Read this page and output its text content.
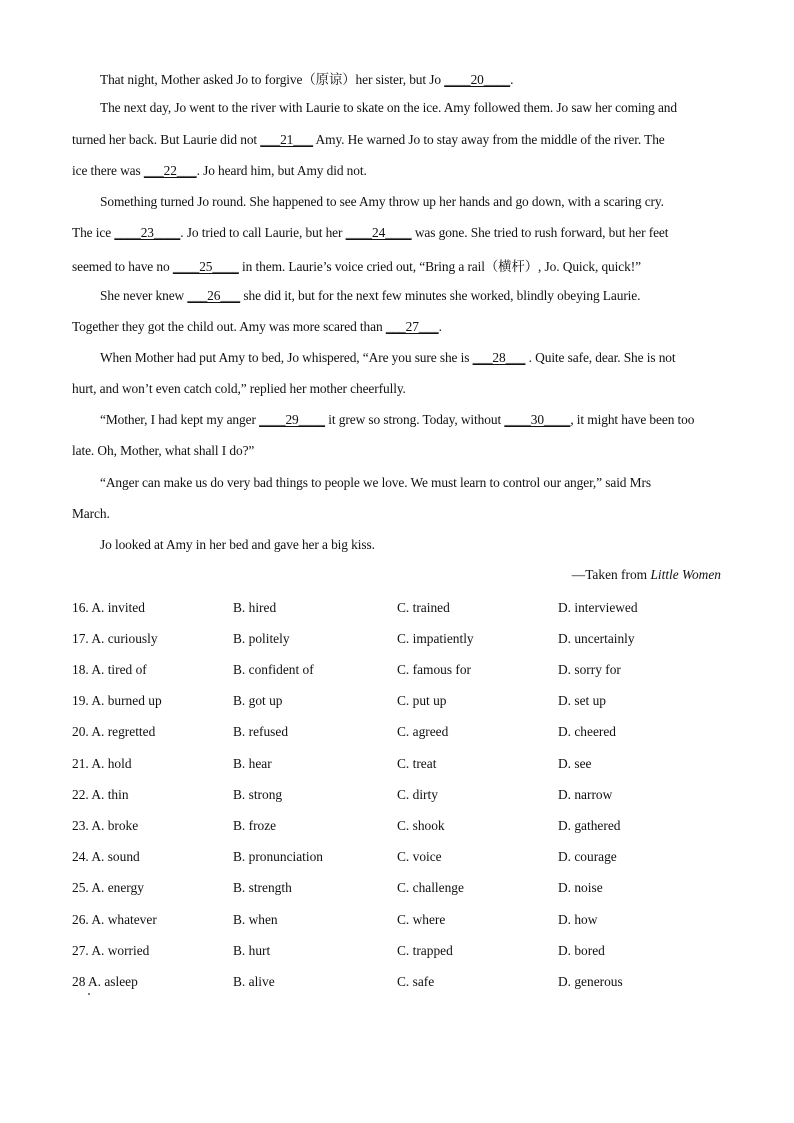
That night, Mother asked Jo to forgive（原谅）her sister, but Jo ____20____.
The next day, Jo went to the river with Laurie to skate on the ice. Amy followed them. Jo saw her coming and
turned her back. But Laurie did not ___21___ Amy. He warned Jo to stay away from the middle of the river. The
ice there was ___22___. Jo heard him, but Amy did not.
Something turned Jo round. She happened to see Amy throw up her hands and go down, with a scaring cry.
The ice ____23____. Jo tried to call Laurie, but her ____24____ was gone. She tried to rush forward, but her feet
seemed to have no ____25____ in them. Laurie’s voice cried out, “Bring a rail（横杆）, Jo. Quick, quick!”
She never knew ___26___ she did it, but for the next few minutes she worked, blindly obeying Laurie.
Together they got the child out. Amy was more scared than ___27___.
When Mother had put Amy to bed, Jo whispered, “Are you sure she is ___28___ . Quite safe, dear. She is not
hurt, and won’t even catch cold,” replied her mother cheerfully.
“Mother, I had kept my anger ____29____ it grew so strong. Today, without ____30____, it might have been too
late. Oh, Mother, what shall I do?”
“Anger can make us do very bad things to people we love. We must learn to control our anger,” said Mrs
March.
Jo looked at Amy in her bed and gave her a big kiss.
—Taken from Little Women
16. A. invited	B. hired	C. trained	D. interviewed
17. A. curiously	B. politely	C. impatiently	D. uncertainly
18. A. tired of	B. confident of	C. famous for	D. sorry for
19. A. burned up	B. got up	C. put up	D. set up
20. A. regretted	B. refused	C. agreed	D. cheered
21. A. hold	B. hear	C. treat	D. see
22. A. thin	B. strong	C. dirty	D. narrow
23. A. broke	B. froze	C. shook	D. gathered
24. A. sound	B. pronunciation	C. voice	D. courage
25. A. energy	B. strength	C. challenge	D. noise
26. A. whatever	B. when	C. where	D. how
27. A. worried	B. hurt	C. trapped	D. bored
28 A. asleep	B. alive	C. safe	D. generous
